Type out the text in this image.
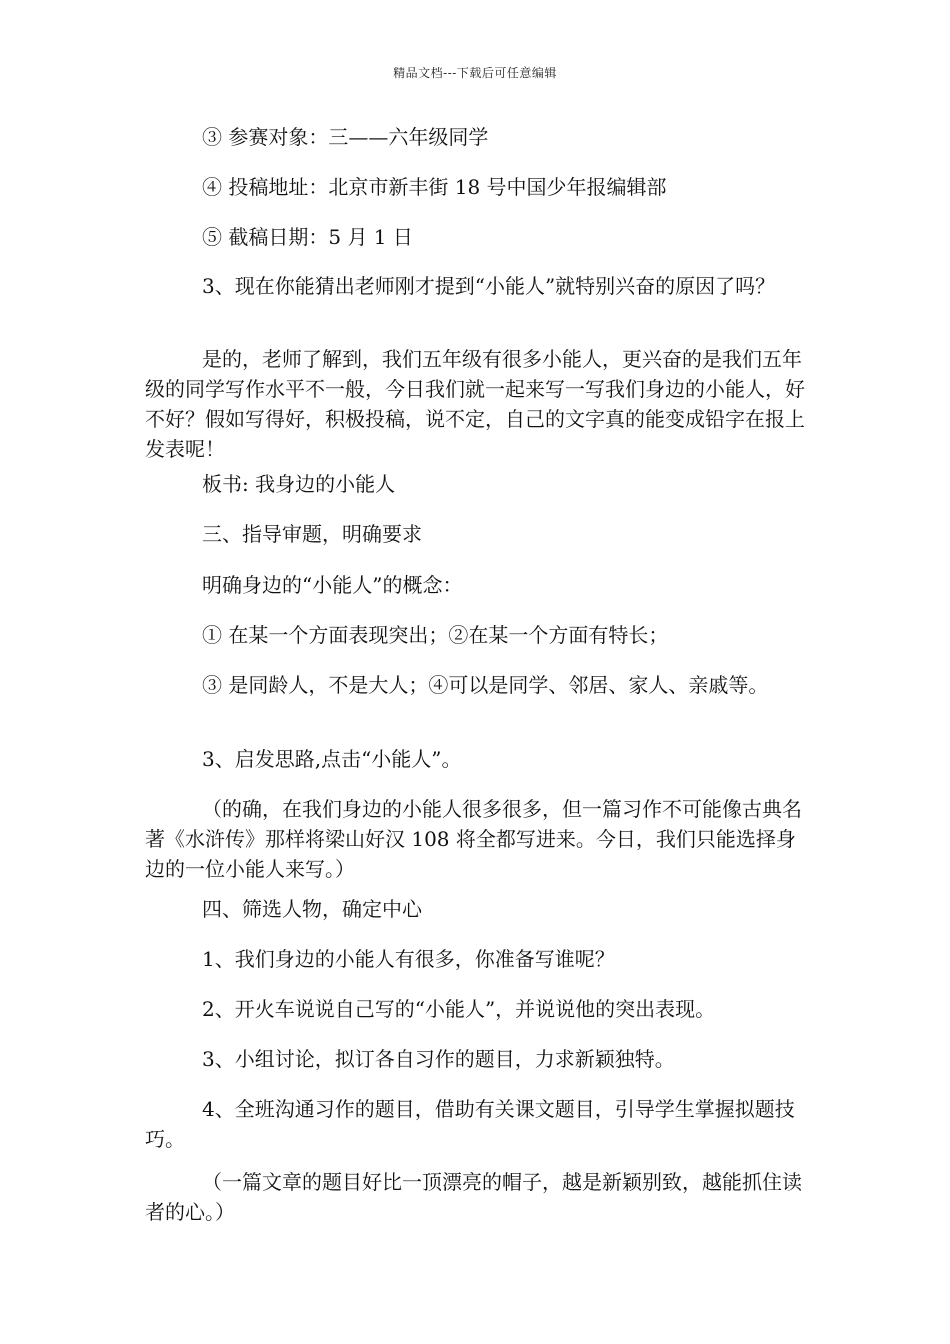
精品文档---下载后可任意编辑

③ 参赛对象：三——六年级同学

④ 投稿地址：北京市新丰街 18 号中国少年报编辑部

⑤ 截稿日期：5 月 1 日

3、现在你能猜出老师刚才提到“小能人”就特别兴奋的原因了吗？

是的，老师了解到，我们五年级有很多小能人，更兴奋的是我们五年级的同学写作水平不一般，今日我们就一起来写一写我们身边的小能人，好不好？假如写得好，积极投稿，说不定，自己的文字真的能变成铅字在报上发表呢！

板书: 我身边的小能人

三、指导审题，明确要求

明确身边的“小能人”的概念：

① 在某一个方面表现突出；②在某一个方面有特长；

③ 是同龄人，不是大人；④可以是同学、邻居、家人、亲戚等。

3、启发思路,点击“小能人”。

（的确，在我们身边的小能人很多很多，但一篇习作不可能像古典名著《水浒传》那样将梁山好汉 108 将全都写进来。今日，我们只能选择身边的一位小能人来写。）

四、筛选人物，确定中心

1、我们身边的小能人有很多，你准备写谁呢？

2、开火车说说自己写的“小能人”，并说说他的突出表现。

3、小组讨论，拟订各自习作的题目，力求新颖独特。

4、全班沟通习作的题目，借助有关课文题目，引导学生掌握拟题技巧。

（一篇文章的题目好比一顶漂亮的帽子，越是新颖别致，越能抓住读者的心。）
